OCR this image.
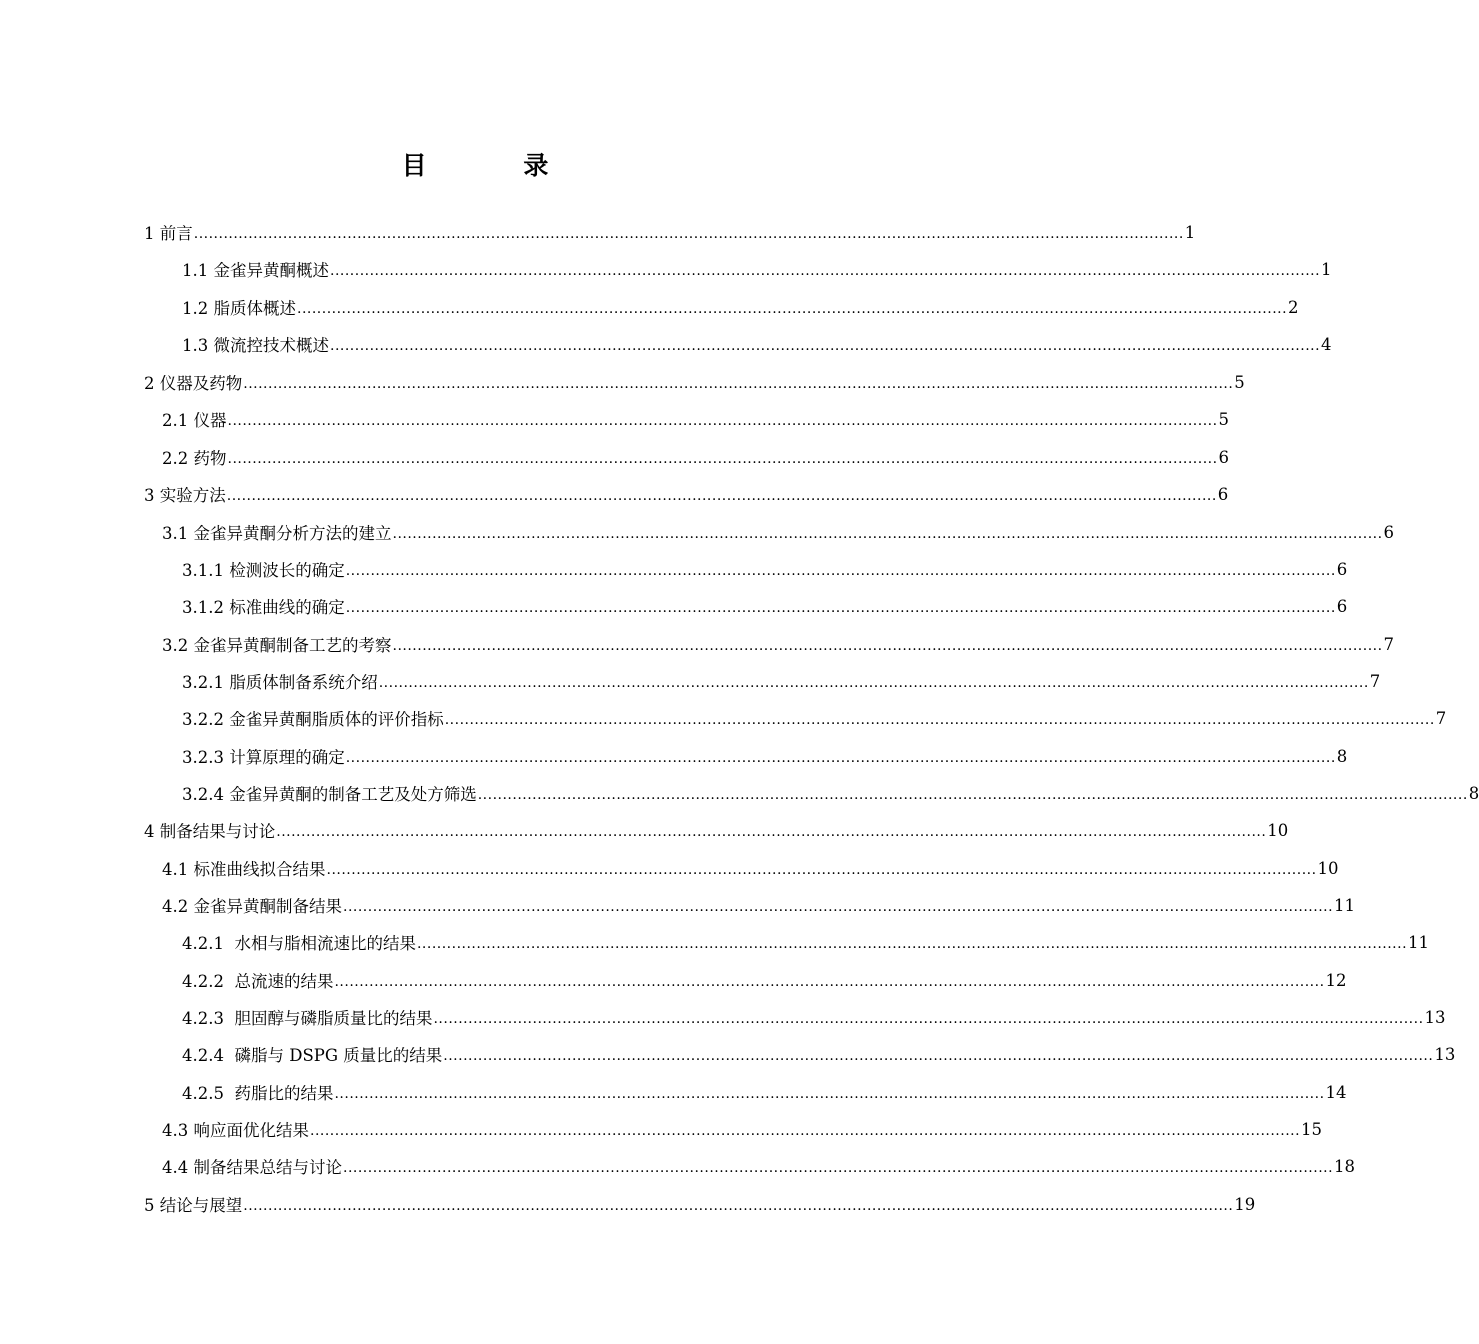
目 录
1 前言 ........................................................................................................................................................................................................ 1
1.1 金雀异黄酮概述 ........................................................................................................................................................................................................ 1
1.2 脂质体概述 ........................................................................................................................................................................................................ 2
1.3 微流控技术概述 ........................................................................................................................................................................................................ 4
2 仪器及药物 ........................................................................................................................................................................................................ 5
2.1 仪器 ........................................................................................................................................................................................................ 5
2.2 药物 ........................................................................................................................................................................................................ 6
3 实验方法 ........................................................................................................................................................................................................ 6
3.1 金雀异黄酮分析方法的建立 ........................................................................................................................................................................................................ 6
3.1.1 检测波长的确定 ........................................................................................................................................................................................................ 6
3.1.2 标准曲线的确定 ........................................................................................................................................................................................................ 6
3.2 金雀异黄酮制备工艺的考察 ........................................................................................................................................................................................................ 7
3.2.1 脂质体制备系统介绍 ........................................................................................................................................................................................................ 7
3.2.2 金雀异黄酮脂质体的评价指标 ........................................................................................................................................................................................................ 7
3.2.3 计算原理的确定 ........................................................................................................................................................................................................ 8
3.2.4 金雀异黄酮的制备工艺及处方筛选 ........................................................................................................................................................................................................ 8
4 制备结果与讨论 ........................................................................................................................................................................................................ 10
4.1 标准曲线拟合结果 ........................................................................................................................................................................................................ 10
4.2 金雀异黄酮制备结果 ........................................................................................................................................................................................................ 11
4.2.1  水相与脂相流速比的结果 ........................................................................................................................................................................................................ 11
4.2.2  总流速的结果 ........................................................................................................................................................................................................ 12
4.2.3  胆固醇与磷脂质量比的结果 ........................................................................................................................................................................................................ 13
4.2.4  磷脂与 DSPG 质量比的结果 ........................................................................................................................................................................................................ 13
4.2.5  药脂比的结果 ........................................................................................................................................................................................................ 14
4.3 响应面优化结果 ........................................................................................................................................................................................................ 15
4.4 制备结果总结与讨论 ........................................................................................................................................................................................................ 18
5 结论与展望 ........................................................................................................................................................................................................ 19
